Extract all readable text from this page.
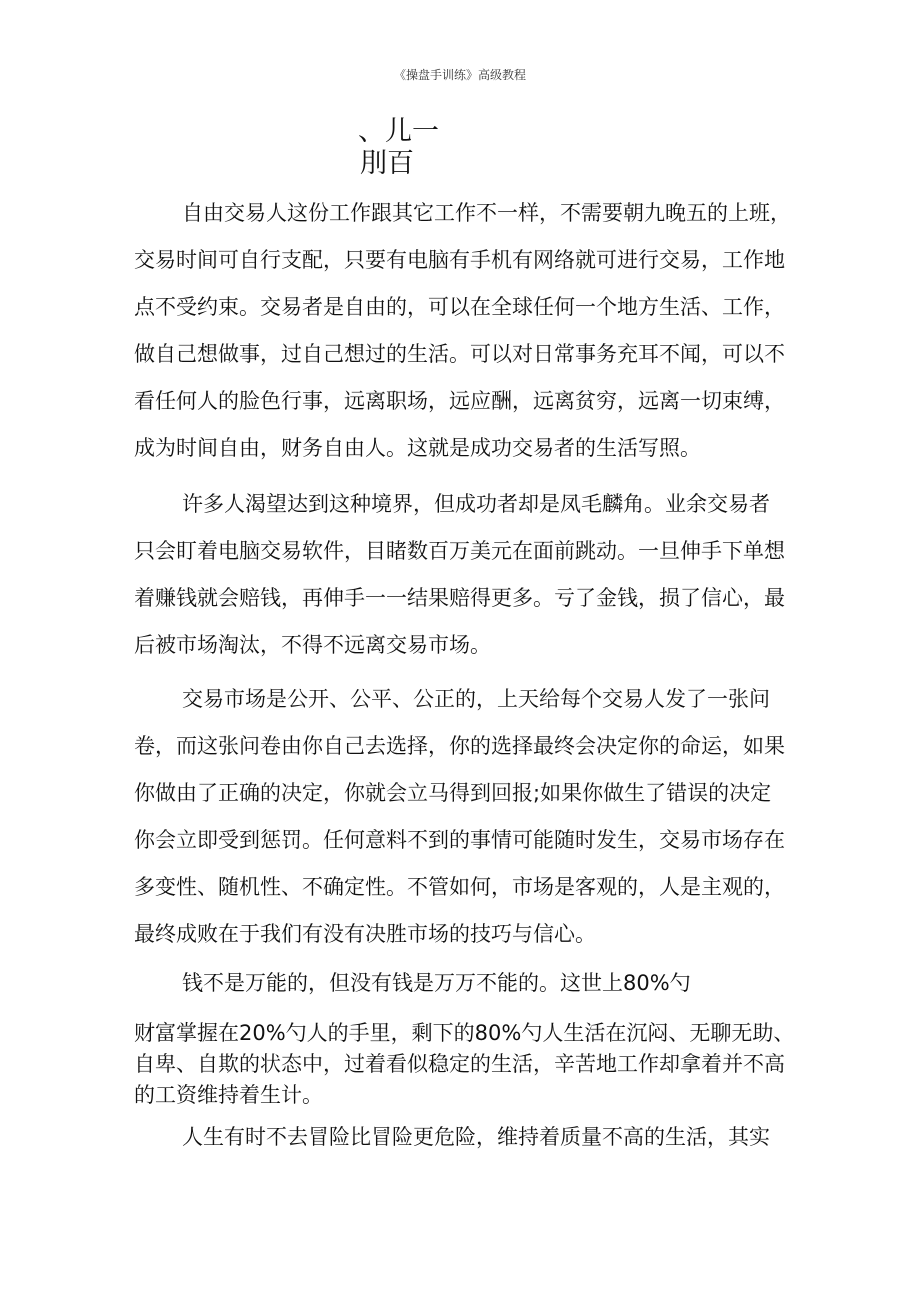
《操盘手训练》高级教程
、儿一
刖百

自由交易人这份工作跟其它工作不一样，不需要朝九晚五的上班，
交易时间可自行支配，只要有电脑有手机有网络就可进行交易，工作地
点不受约束。交易者是自由的，可以在全球任何一个地方生活、工作，
做自己想做事，过自己想过的生活。可以对日常事务充耳不闻，可以不
看任何人的脸色行事，远离职场，远应酬，远离贫穷，远离一切束缚，
成为时间自由，财务自由人。这就是成功交易者的生活写照。

许多人渴望达到这种境界，但成功者却是凤毛麟角。业余交易者
只会盯着电脑交易软件，目睹数百万美元在面前跳动。一旦伸手下单想
着赚钱就会赔钱，再伸手一一结果赔得更多。亏了金钱，损了信心，最
后被市场淘汰，不得不远离交易市场。

交易市场是公开、公平、公正的，上天给每个交易人发了一张问
卷，而这张问卷由你自己去选择，你的选择最终会决定你的命运，如果
你做由了正确的决定，你就会立马得到回报;如果你做生了错误的决定
你会立即受到惩罚。任何意料不到的事情可能随时发生，交易市场存在
多变性、随机性、不确定性。不管如何，市场是客观的，人是主观的，
最终成败在于我们有没有决胜市场的技巧与信心。

钱不是万能的，但没有钱是万万不能的。这世上80%勺

财富掌握在20%勺人的手里，剩下的80%勺人生活在沉闷、无聊无助、
自卑、自欺的状态中，过着看似稳定的生活，辛苦地工作却拿着并不高
的工资维持着生计。

人生有时不去冒险比冒险更危险，维持着质量不高的生活，其实
